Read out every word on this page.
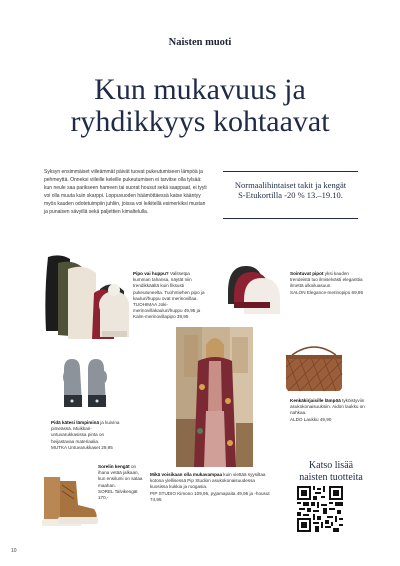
Naisten muoti
Kun mukavuus ja
ryhdikkyys kohtaavat

Syksyn ensimmäiset viileämmät päivät tuovat pukeutumiseen lämpöä ja pehmeyttä. Onneksi viileille keleille pukeutumisen ei tarvitse olla tylsää: kun neule saa parikseen hameen tai suorat housut sekä saappaat, ei tyyli voi olla muuta kuin skarppi. Loppuvuoden häämöttäessä katse kääntyy myös kauden odotetuimpiin juhliin, joissa voi leikitellä esimerkiksi mustan ja punaisen sävyillä sekä paljettien kimaltelulla.

Normaalihintaiset takit ja kengät
S-Etukortilla -20 % 13.–19.10.
Pipo vai huppu? Valitsetpa kumman tahansa, näytät niin trendikkäältä kuin fiksusti pukeutuneelta. Tuohmiehen pipo ja kauluri/huppu ovat merinovillaa.
TUOHIMAA Joki-merinovillakauluri/huppu 49,95 ja Kalm-merinovillapipo 39,95
Sointuvat pipot yksi kauden trendeistä tuo ilmiselvästi eleganttia ilmettä ulkoiluasuun.
SALON Elegance-merinopipo 69,95
Pidä kätesi lämpiminä ja kuivina pimeässä. Muikkari-untuvarukkasissa pinta on heijastavaa materiaalia.
MUTKA Untuvarukkaset 29,95
Kenkäkirjaisille lämpöä tyköistyviin asukokonaisuuksiin. Aidon laukku on nahkaa.
ALDO Laukku 49,90
Sorelin kengät on ihana vetää jalkaan, kun ensilumi on sataa maahan.
SOREL Talvikengät 170,-
Mikä voisikaan olla mukavampaa kuin viettää syysiltaa kotona ylellisessä Pip Studion asukokonaisuudessa kuosissa kukkia ja ruogasia.
PIP STUDIO Kimono 109,95, pyjamapaita 49,95 ja -housut 74,95
Katso lisää
naisten tuotteita
10
